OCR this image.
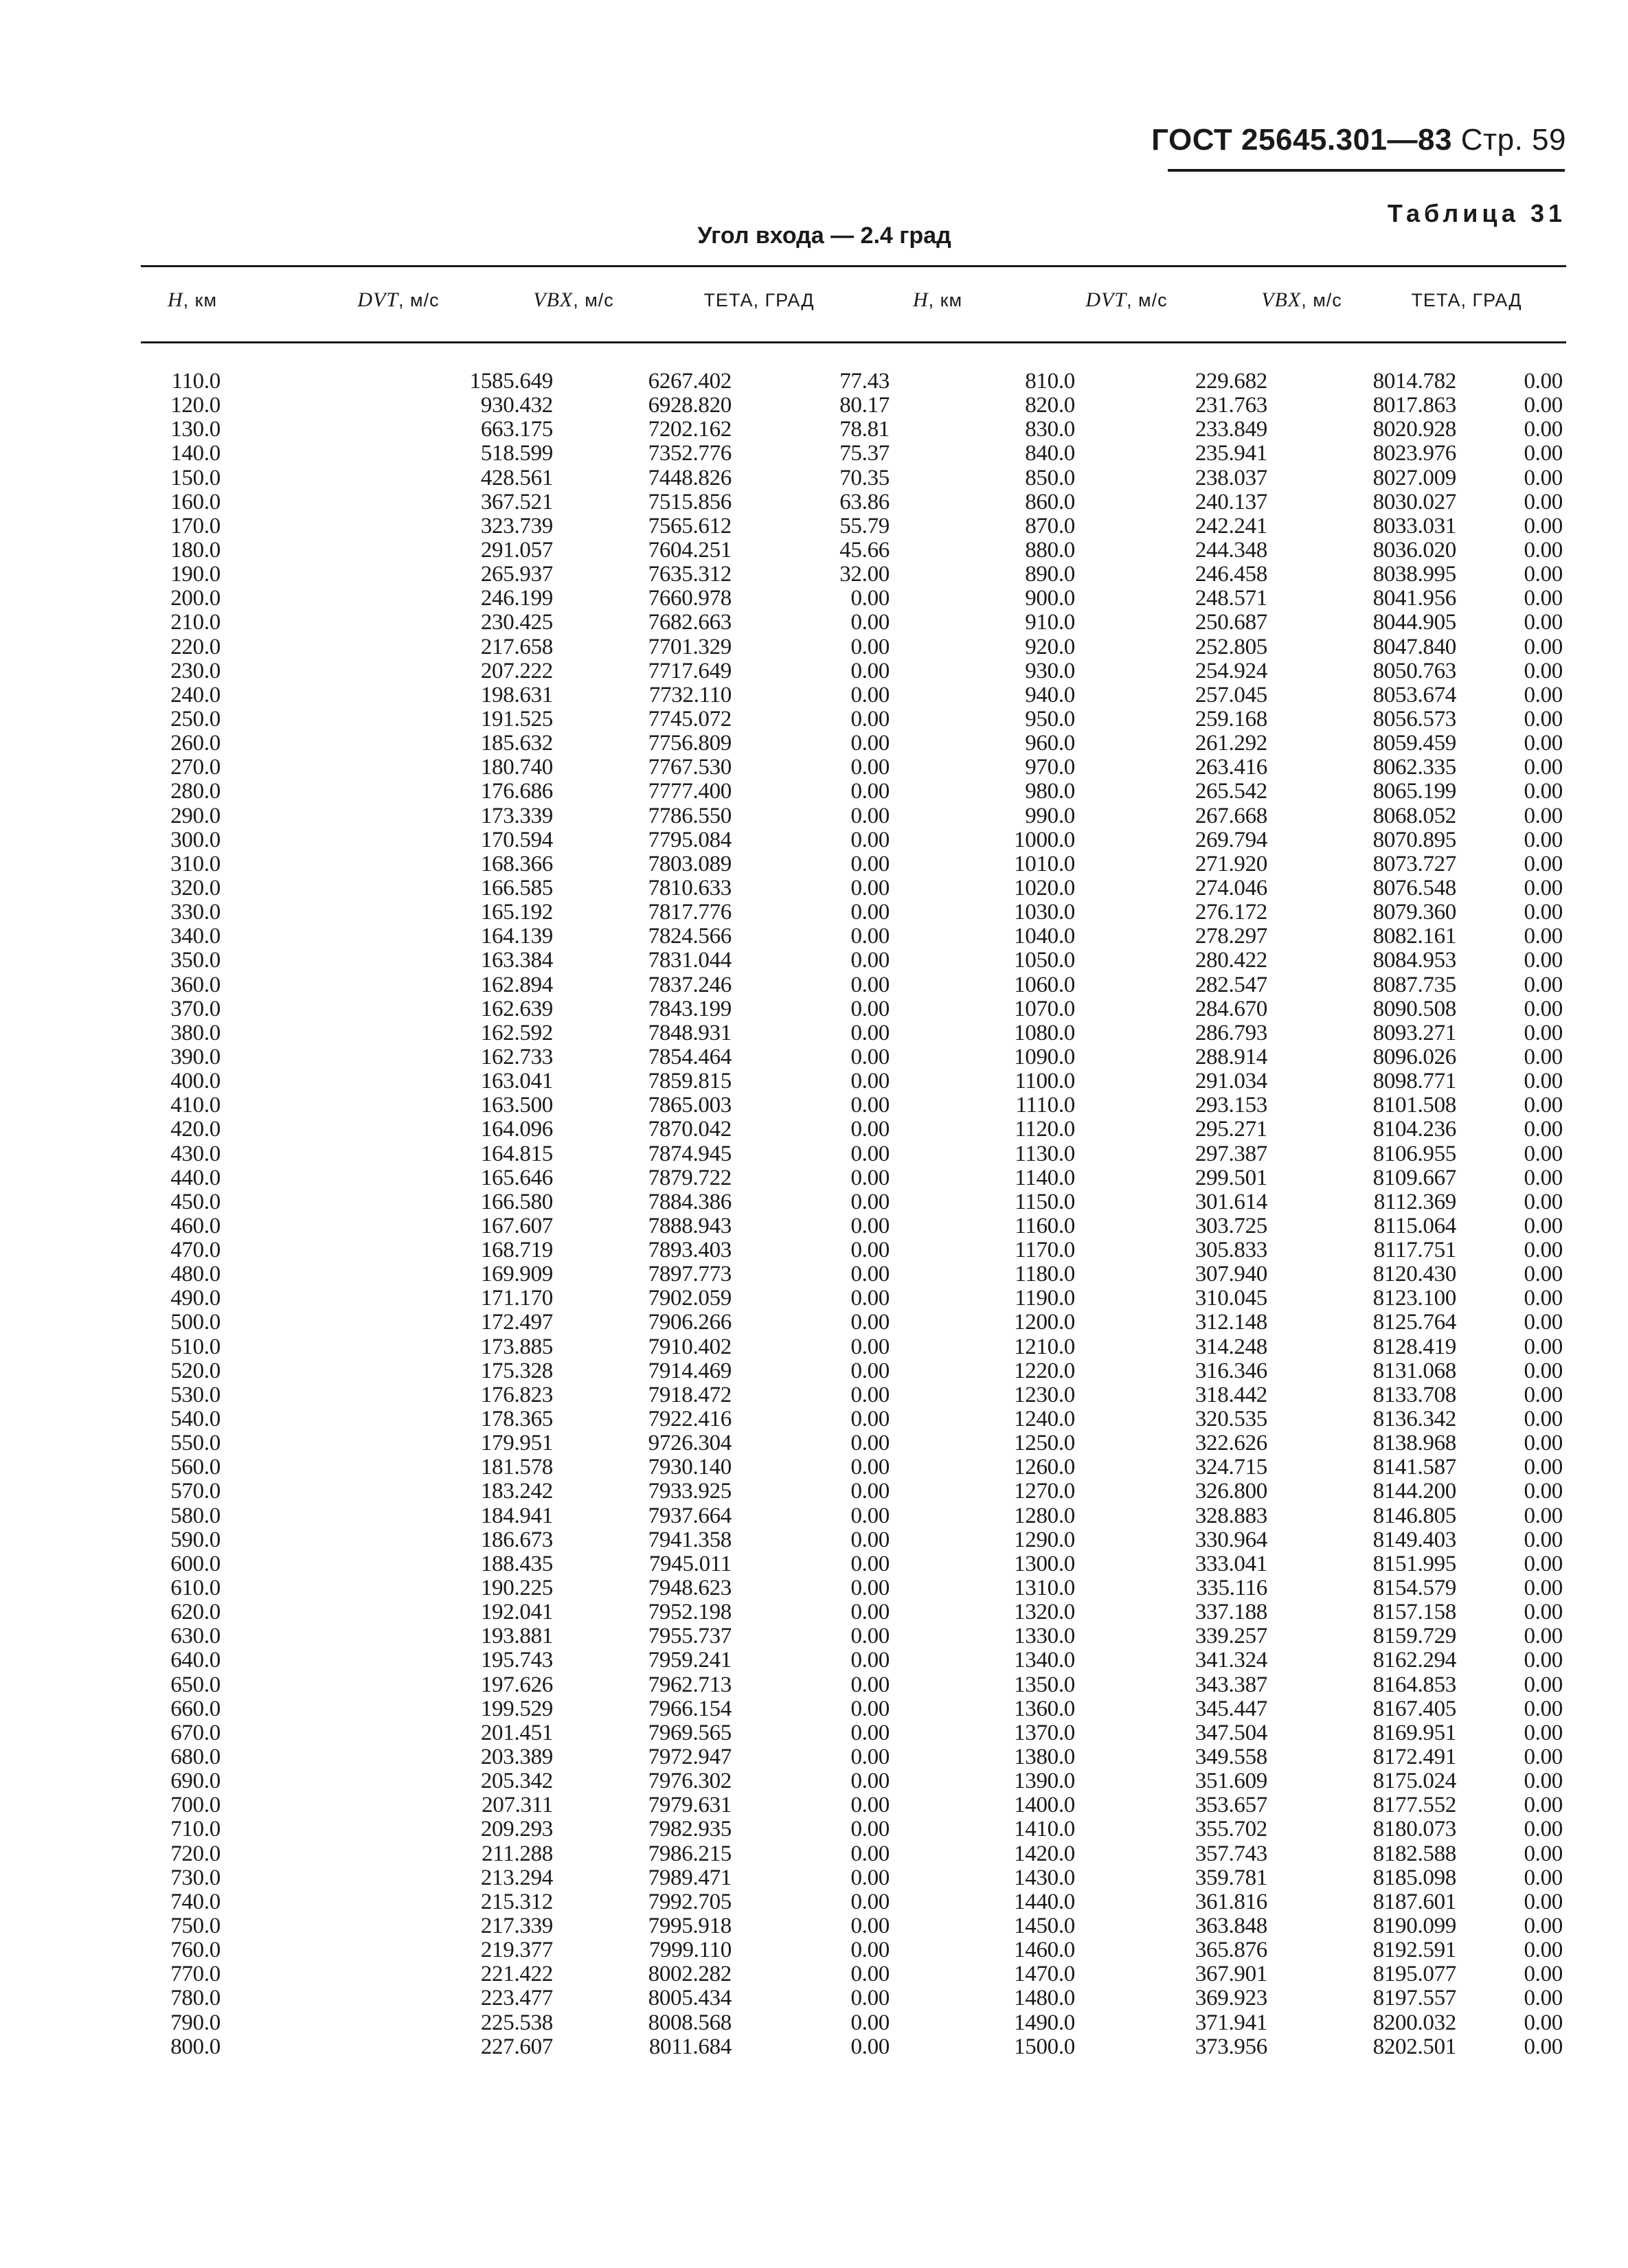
ГОСТ 25645.301—83 Стр. 59
Таблица 31
Угол входа — 2.4 град
H, км	DVT, м/с	VBX, м/с	ТЕТА, ГРАД	H, км	DVT, м/с	VBX, м/с	ТЕТА, ГРАД
110.0	1585.649	6267.402	77.43	810.0	229.682	8014.782	0.00
120.0	930.432	6928.820	80.17	820.0	231.763	8017.863	0.00
130.0	663.175	7202.162	78.81	830.0	233.849	8020.928	0.00
140.0	518.599	7352.776	75.37	840.0	235.941	8023.976	0.00
150.0	428.561	7448.826	70.35	850.0	238.037	8027.009	0.00
160.0	367.521	7515.856	63.86	860.0	240.137	8030.027	0.00
170.0	323.739	7565.612	55.79	870.0	242.241	8033.031	0.00
180.0	291.057	7604.251	45.66	880.0	244.348	8036.020	0.00
190.0	265.937	7635.312	32.00	890.0	246.458	8038.995	0.00
200.0	246.199	7660.978	0.00	900.0	248.571	8041.956	0.00
210.0	230.425	7682.663	0.00	910.0	250.687	8044.905	0.00
220.0	217.658	7701.329	0.00	920.0	252.805	8047.840	0.00
230.0	207.222	7717.649	0.00	930.0	254.924	8050.763	0.00
240.0	198.631	7732.110	0.00	940.0	257.045	8053.674	0.00
250.0	191.525	7745.072	0.00	950.0	259.168	8056.573	0.00
260.0	185.632	7756.809	0.00	960.0	261.292	8059.459	0.00
270.0	180.740	7767.530	0.00	970.0	263.416	8062.335	0.00
280.0	176.686	7777.400	0.00	980.0	265.542	8065.199	0.00
290.0	173.339	7786.550	0.00	990.0	267.668	8068.052	0.00
300.0	170.594	7795.084	0.00	1000.0	269.794	8070.895	0.00
310.0	168.366	7803.089	0.00	1010.0	271.920	8073.727	0.00
320.0	166.585	7810.633	0.00	1020.0	274.046	8076.548	0.00
330.0	165.192	7817.776	0.00	1030.0	276.172	8079.360	0.00
340.0	164.139	7824.566	0.00	1040.0	278.297	8082.161	0.00
350.0	163.384	7831.044	0.00	1050.0	280.422	8084.953	0.00
360.0	162.894	7837.246	0.00	1060.0	282.547	8087.735	0.00
370.0	162.639	7843.199	0.00	1070.0	284.670	8090.508	0.00
380.0	162.592	7848.931	0.00	1080.0	286.793	8093.271	0.00
390.0	162.733	7854.464	0.00	1090.0	288.914	8096.026	0.00
400.0	163.041	7859.815	0.00	1100.0	291.034	8098.771	0.00
410.0	163.500	7865.003	0.00	1110.0	293.153	8101.508	0.00
420.0	164.096	7870.042	0.00	1120.0	295.271	8104.236	0.00
430.0	164.815	7874.945	0.00	1130.0	297.387	8106.955	0.00
440.0	165.646	7879.722	0.00	1140.0	299.501	8109.667	0.00
450.0	166.580	7884.386	0.00	1150.0	301.614	8112.369	0.00
460.0	167.607	7888.943	0.00	1160.0	303.725	8115.064	0.00
470.0	168.719	7893.403	0.00	1170.0	305.833	8117.751	0.00
480.0	169.909	7897.773	0.00	1180.0	307.940	8120.430	0.00
490.0	171.170	7902.059	0.00	1190.0	310.045	8123.100	0.00
500.0	172.497	7906.266	0.00	1200.0	312.148	8125.764	0.00
510.0	173.885	7910.402	0.00	1210.0	314.248	8128.419	0.00
520.0	175.328	7914.469	0.00	1220.0	316.346	8131.068	0.00
530.0	176.823	7918.472	0.00	1230.0	318.442	8133.708	0.00
540.0	178.365	7922.416	0.00	1240.0	320.535	8136.342	0.00
550.0	179.951	9726.304	0.00	1250.0	322.626	8138.968	0.00
560.0	181.578	7930.140	0.00	1260.0	324.715	8141.587	0.00
570.0	183.242	7933.925	0.00	1270.0	326.800	8144.200	0.00
580.0	184.941	7937.664	0.00	1280.0	328.883	8146.805	0.00
590.0	186.673	7941.358	0.00	1290.0	330.964	8149.403	0.00
600.0	188.435	7945.011	0.00	1300.0	333.041	8151.995	0.00
610.0	190.225	7948.623	0.00	1310.0	335.116	8154.579	0.00
620.0	192.041	7952.198	0.00	1320.0	337.188	8157.158	0.00
630.0	193.881	7955.737	0.00	1330.0	339.257	8159.729	0.00
640.0	195.743	7959.241	0.00	1340.0	341.324	8162.294	0.00
650.0	197.626	7962.713	0.00	1350.0	343.387	8164.853	0.00
660.0	199.529	7966.154	0.00	1360.0	345.447	8167.405	0.00
670.0	201.451	7969.565	0.00	1370.0	347.504	8169.951	0.00
680.0	203.389	7972.947	0.00	1380.0	349.558	8172.491	0.00
690.0	205.342	7976.302	0.00	1390.0	351.609	8175.024	0.00
700.0	207.311	7979.631	0.00	1400.0	353.657	8177.552	0.00
710.0	209.293	7982.935	0.00	1410.0	355.702	8180.073	0.00
720.0	211.288	7986.215	0.00	1420.0	357.743	8182.588	0.00
730.0	213.294	7989.471	0.00	1430.0	359.781	8185.098	0.00
740.0	215.312	7992.705	0.00	1440.0	361.816	8187.601	0.00
750.0	217.339	7995.918	0.00	1450.0	363.848	8190.099	0.00
760.0	219.377	7999.110	0.00	1460.0	365.876	8192.591	0.00
770.0	221.422	8002.282	0.00	1470.0	367.901	8195.077	0.00
780.0	223.477	8005.434	0.00	1480.0	369.923	8197.557	0.00
790.0	225.538	8008.568	0.00	1490.0	371.941	8200.032	0.00
800.0	227.607	8011.684	0.00	1500.0	373.956	8202.501	0.00
